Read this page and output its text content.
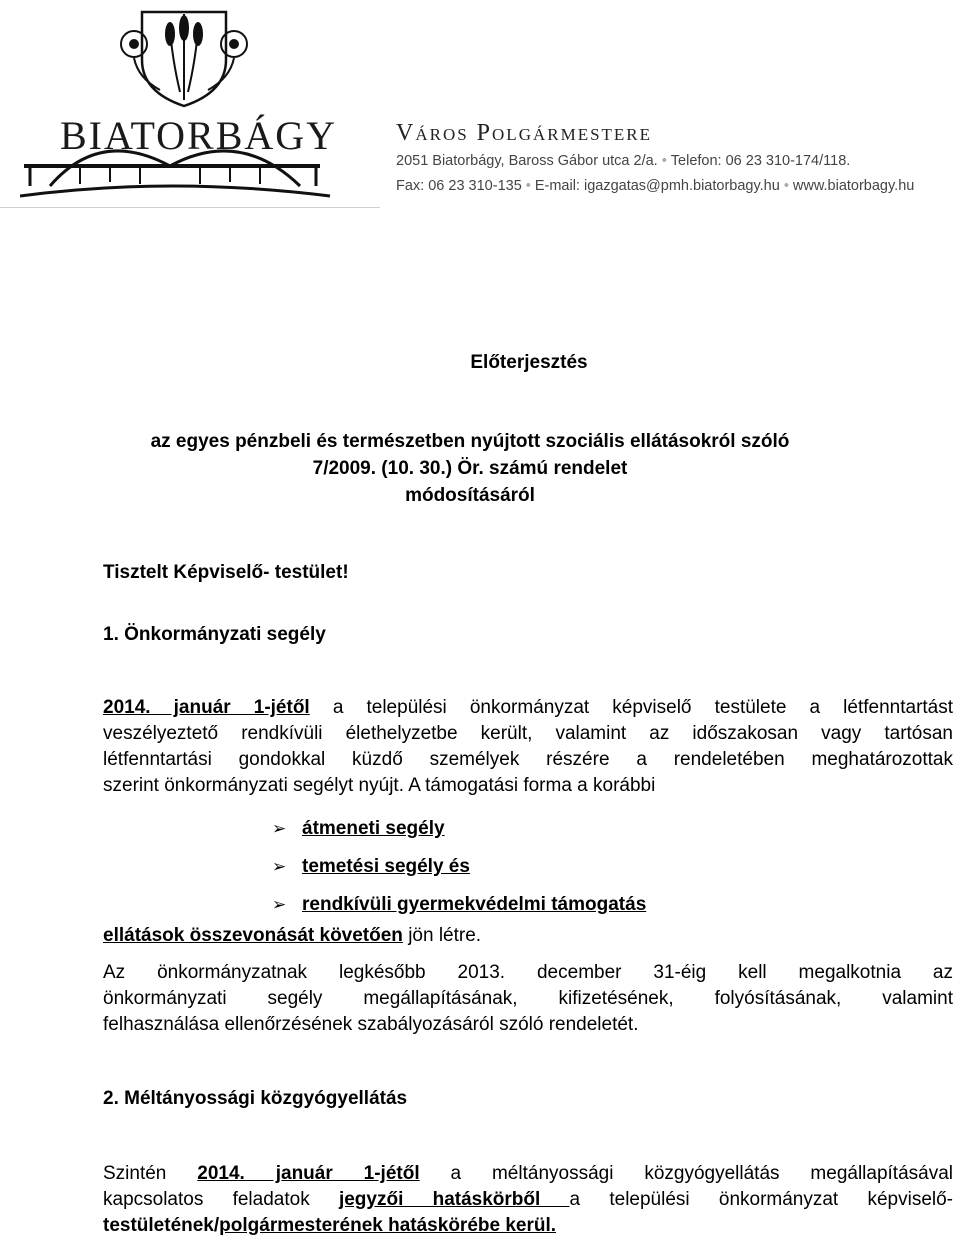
BIATORBÁGY Város Polgármestere
2051 Biatorbágy, Baross Gábor utca 2/a. • Telefon: 06 23 310-174/118.
Fax: 06 23 310-135 • E-mail: igazgatas@pmh.biatorbagy.hu • www.biatorbagy.hu
Előterjesztés
az egyes pénzbeli és természetben nyújtott szociális ellátásokról szóló
7/2009. (10. 30.) Ör. számú rendelet
módosításáról
Tisztelt Képviselő- testület!
1. Önkormányzati segély
2014. január 1-jétől a települési önkormányzat képviselő testülete a létfenntartást
veszélyeztető rendkívüli élethelyzetbe került, valamint az időszakosan vagy tartósan
létfenntartási gondokkal küzdő személyek részére a rendeletében meghatározottak
szerint önkormányzati segélyt nyújt. A támogatási forma a korábbi
➢ átmeneti segély
➢ temetési segély és
➢ rendkívüli gyermekvédelmi támogatás
ellátások összevonását követően jön létre.
Az önkormányzatnak legkésőbb 2013. december 31-éig kell megalkotnia az
önkormányzati segély megállapításának, kifizetésének, folyósításának, valamint
felhasználása ellenőrzésének szabályozásáról szóló rendeletét.
2. Méltányossági közgyógyellátás
Szintén 2014. január 1-jétől a méltányossági közgyógyellátás megállapításával
kapcsolatos feladatok jegyzői hatáskörből a települési önkormányzat képviselő-
testületének/polgármesterének hatáskörébe kerül.
